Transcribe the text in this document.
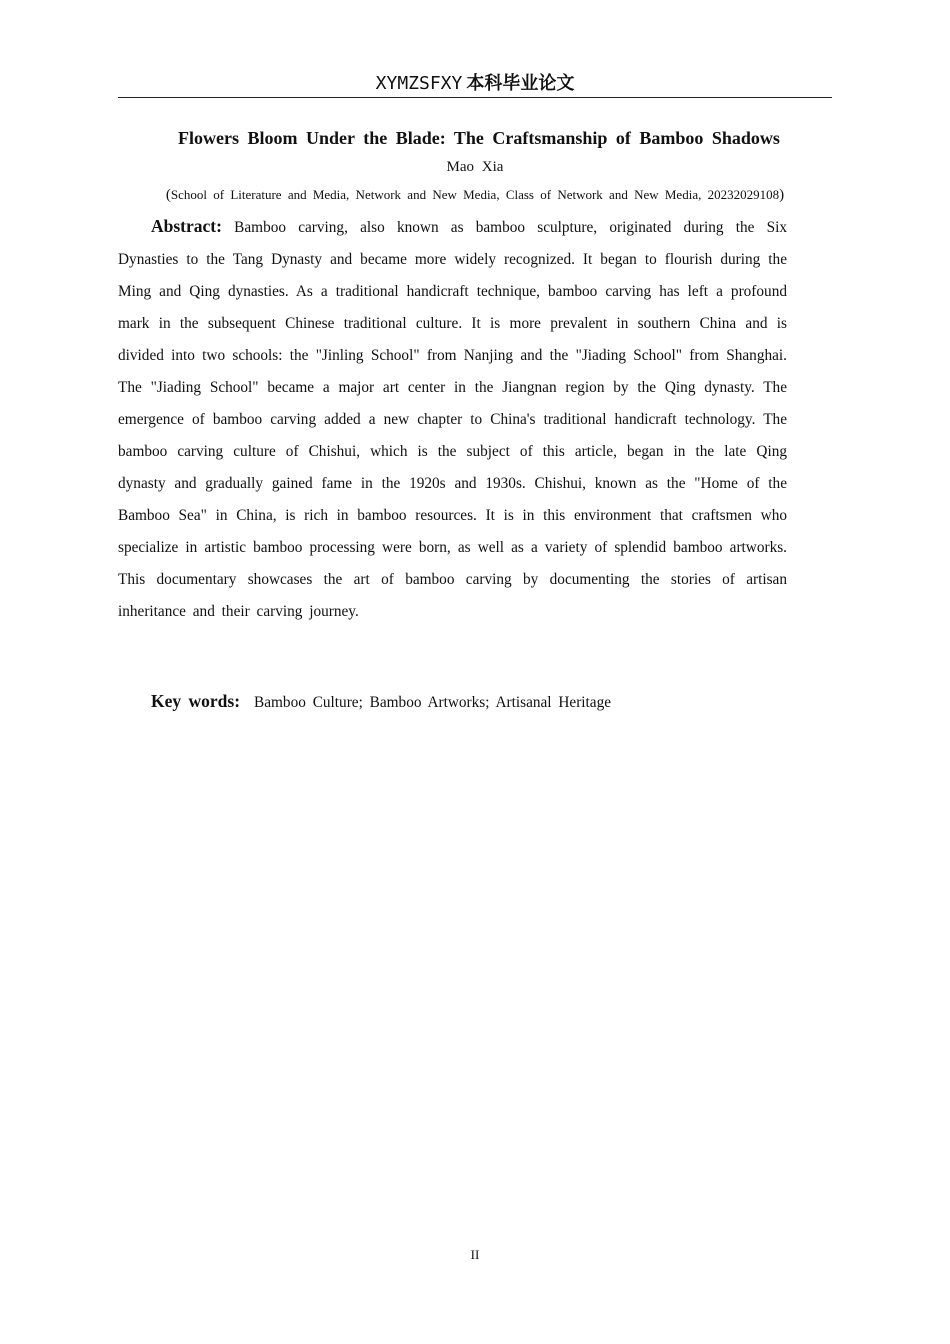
XYMZSFXY 本科毕业论文
Flowers Bloom Under the Blade: The Craftsmanship of Bamboo Shadows
Mao Xia
(School of Literature and Media, Network and New Media, Class of Network and New Media, 20232029108)
Abstract: Bamboo carving, also known as bamboo sculpture, originated during the Six Dynasties to the Tang Dynasty and became more widely recognized. It began to flourish during the Ming and Qing dynasties. As a traditional handicraft technique, bamboo carving has left a profound mark in the subsequent Chinese traditional culture. It is more prevalent in southern China and is divided into two schools: the "Jinling School" from Nanjing and the "Jiading School" from Shanghai. The "Jiading School" became a major art center in the Jiangnan region by the Qing dynasty. The emergence of bamboo carving added a new chapter to China's traditional handicraft technology. The bamboo carving culture of Chishui, which is the subject of this article, began in the late Qing dynasty and gradually gained fame in the 1920s and 1930s. Chishui, known as the "Home of the Bamboo Sea" in China, is rich in bamboo resources. It is in this environment that craftsmen who specialize in artistic bamboo processing were born, as well as a variety of splendid bamboo artworks. This documentary showcases the art of bamboo carving by documenting the stories of artisan inheritance and their carving journey.
Key words: Bamboo Culture; Bamboo Artworks; Artisanal Heritage
II
